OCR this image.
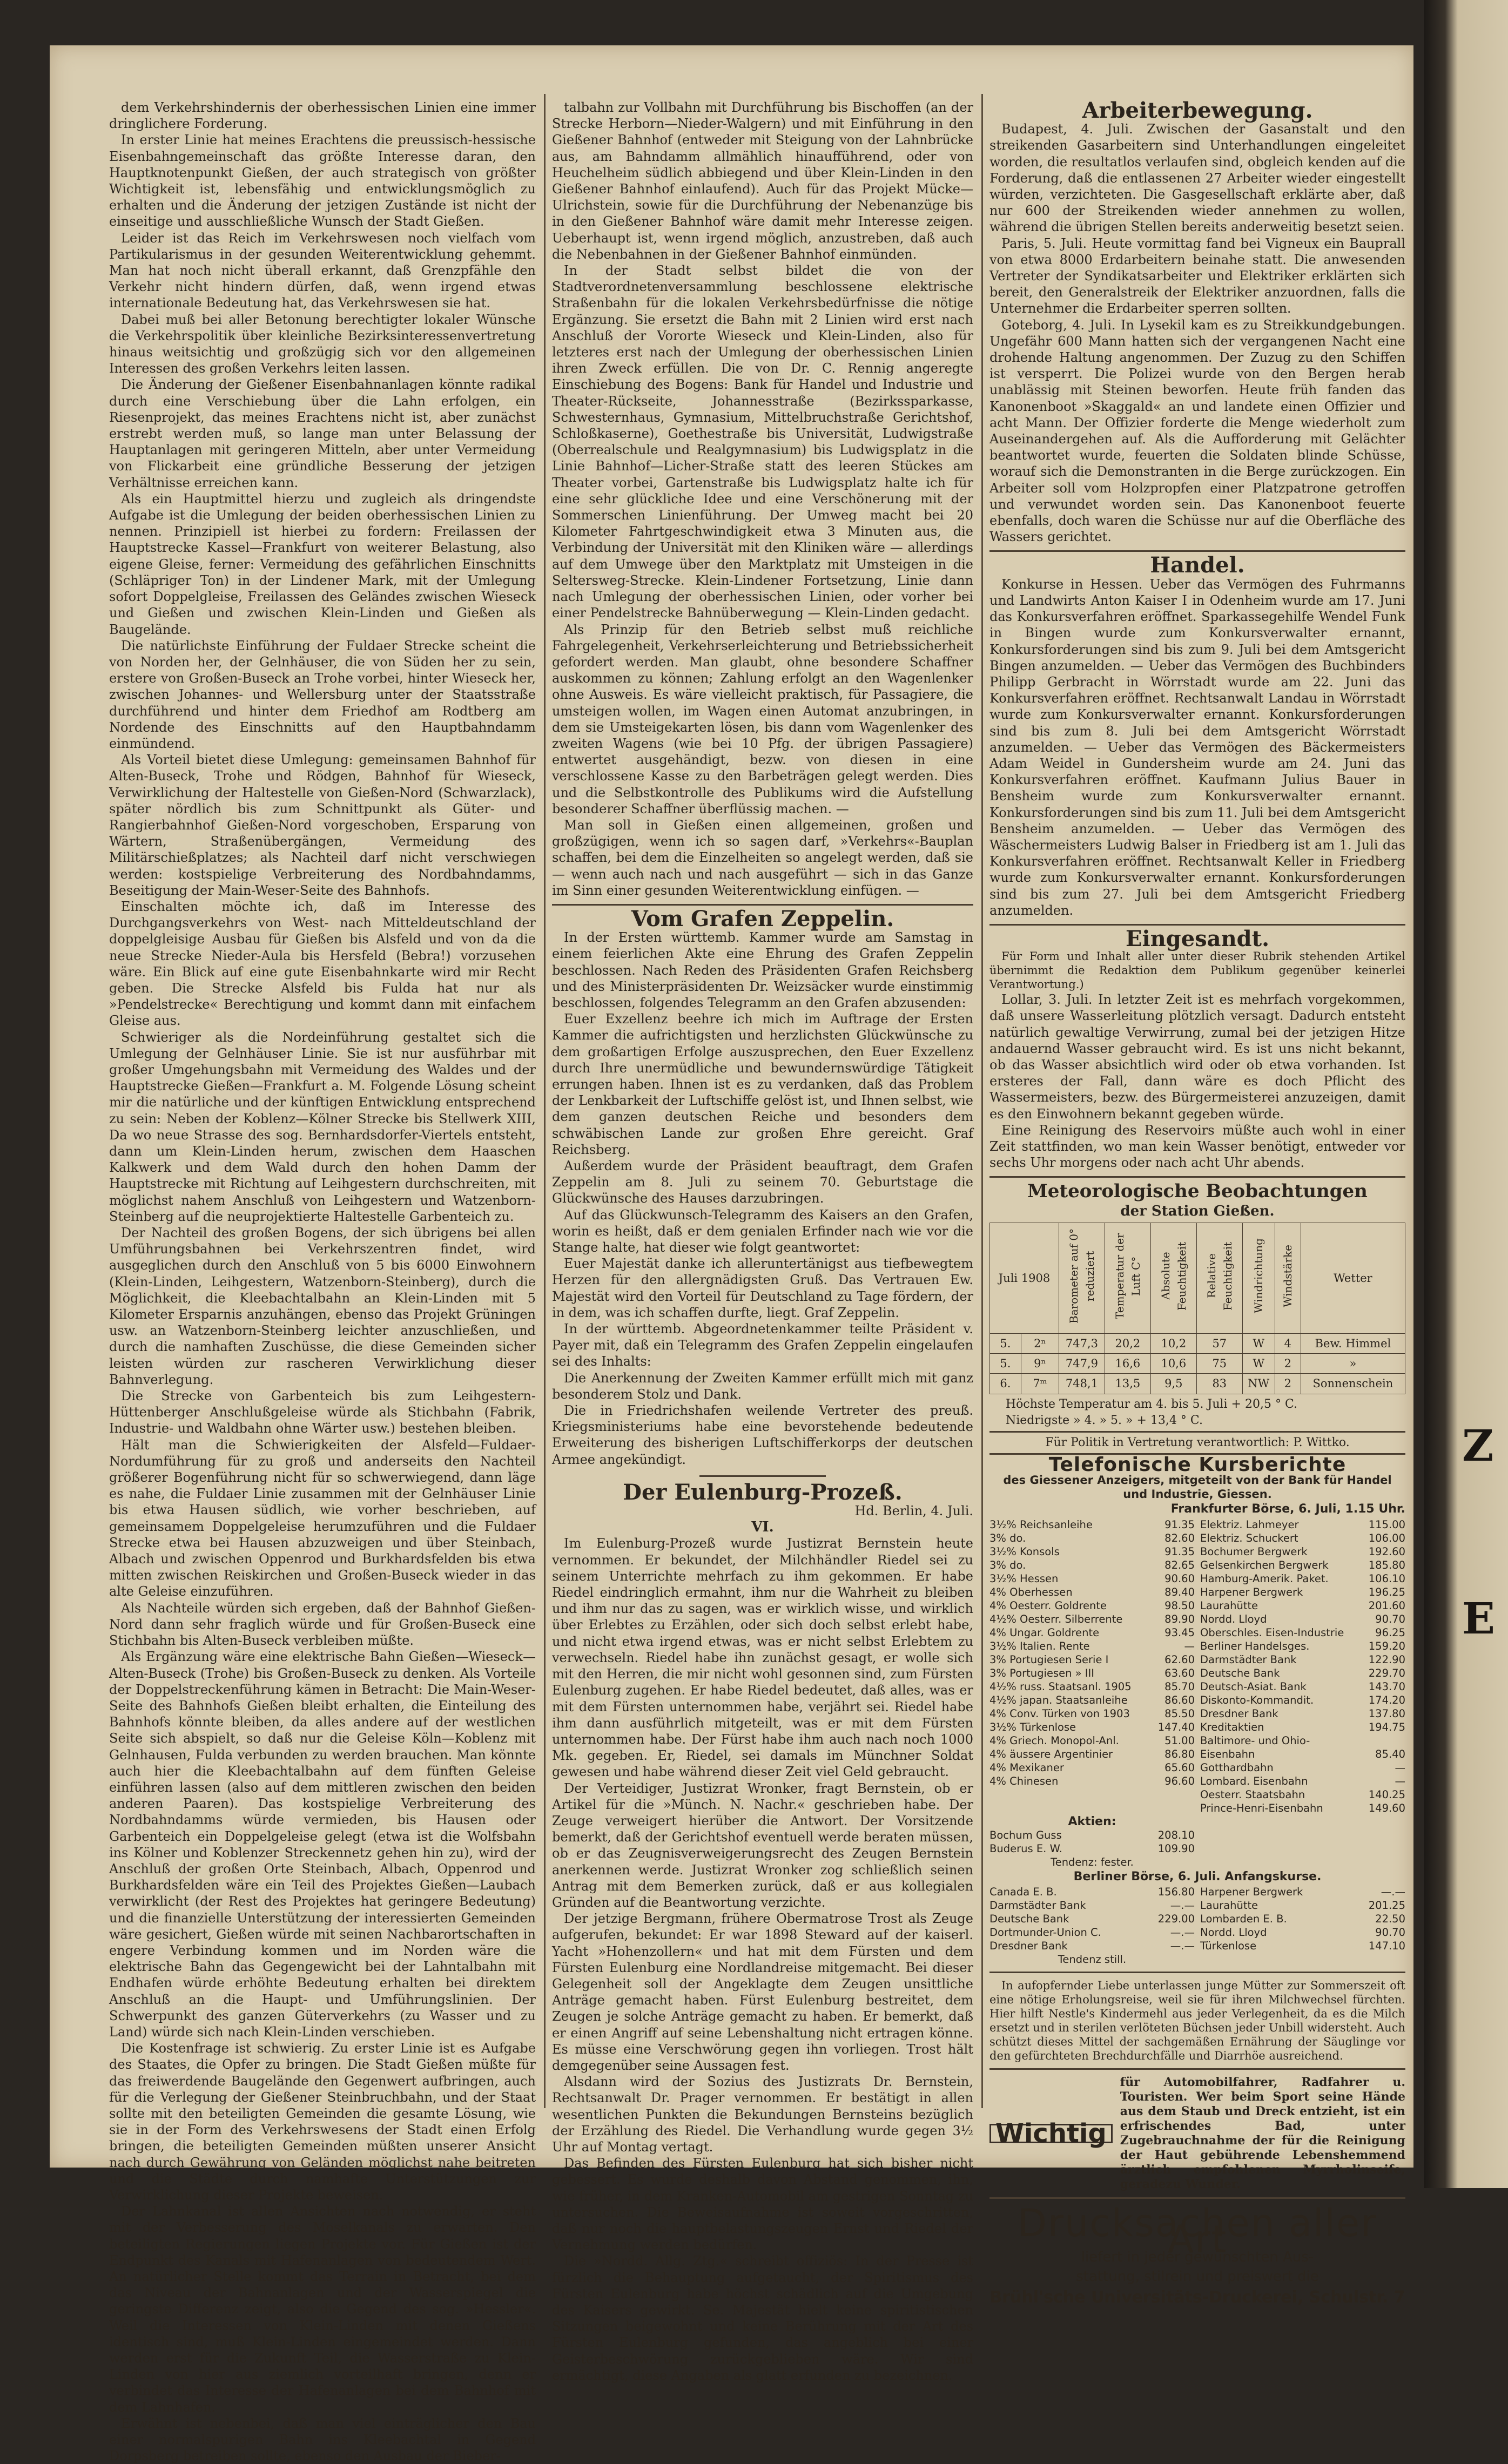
dem Verkehrshindernis der oberhessischen Linien eine immer dringlichere Forderung.

In erster Linie hat meines Erachtens die preussisch-hessische Eisenbahngemeinschaft das größte Interesse daran, den Hauptknotenpunkt Gießen, der auch strategisch von größter Wichtigkeit ist, lebensfähig und entwicklungsmöglich zu erhalten und die Änderung der jetzigen Zustände ist nicht der einseitige und ausschließliche Wunsch der Stadt Gießen.

Leider ist das Reich im Verkehrswesen noch vielfach vom Partikularismus in der gesunden Weiterentwicklung gehemmt. Man hat noch nicht überall erkannt, daß Grenzpfähle den Verkehr nicht hindern dürfen, daß, wenn irgend etwas internationale Bedeutung hat, das Verkehrswesen sie hat.

Dabei muß bei aller Betonung berechtigter lokaler Wünsche die Verkehrspolitik über kleinliche Bezirksinteressenvertretung hinaus weitsichtig und großzügig sich vor den allgemeinen Interessen des großen Verkehrs leiten lassen.

Die Änderung der Gießener Eisenbahnanlagen könnte radikal durch eine Verschiebung über die Lahn erfolgen, ein Riesenprojekt, das meines Erachtens nicht ist, aber zunächst erstrebt werden muß, so lange man unter Belassung der Hauptanlagen mit geringeren Mitteln, aber unter Vermeidung von Flickarbeit eine gründliche Besserung der jetzigen Verhältnisse erreichen kann.

Als ein Hauptmittel hierzu und zugleich als dringendste Aufgabe ist die Umlegung der beiden oberhessischen Linien zu nennen. Prinzipiell ist hierbei zu fordern: Freilassen der Hauptstrecke Kassel—Frankfurt von weiterer Belastung, also eigene Gleise, ferner: Vermeidung des gefährlichen Einschnitts (Schläpriger Ton) in der Lindener Mark, mit der Umlegung sofort Doppelgleise, Freilassen des Geländes zwischen Wieseck und Gießen und zwischen Klein-Linden und Gießen als Baugelände.

Die natürlichste Einführung der Fuldaer Strecke scheint die von Norden her, der Gelnhäuser, die von Süden her zu sein, erstere von Großen-Buseck an Trohe vorbei, hinter Wieseck her, zwischen Johannes- und Wellersburg unter der Staatsstraße durchführend und hinter dem Friedhof am Rodtberg am Nordende des Einschnitts auf den Hauptbahndamm einmündend.

Als Vorteil bietet diese Umlegung: gemeinsamen Bahnhof für Alten-Buseck, Trohe und Rödgen, Bahnhof für Wieseck, Verwirklichung der Haltestelle von Gießen-Nord (Schwarzlack), später nördlich bis zum Schnittpunkt als Güter- und Rangierbahnhof Gießen-Nord vorgeschoben, Ersparung von Wärtern, Straßenübergängen, Vermeidung des Militärschießplatzes; als Nachteil darf nicht verschwiegen werden: kostspielige Verbreiterung des Nordbahndamms, Beseitigung der Main-Weser-Seite des Bahnhofs.

Einschalten möchte ich, daß im Interesse des Durchgangsverkehrs von West- nach Mitteldeutschland der doppelgleisige Ausbau für Gießen bis Alsfeld und von da die neue Strecke Nieder-Aula bis Hersfeld (Bebra!) vorzusehen wäre. Ein Blick auf eine gute Eisenbahnkarte wird mir Recht geben. Die Strecke Alsfeld bis Fulda hat nur als »Pendelstrecke« Berechtigung und kommt dann mit einfachem Gleise aus.

Schwieriger als die Nordeinführung gestaltet sich die Umlegung der Gelnhäuser Linie. Sie ist nur ausführbar mit großer Umgehungsbahn mit Vermeidung des Waldes und der Hauptstrecke Gießen—Frankfurt a. M. Folgende Lösung scheint mir die natürliche und der künftigen Entwicklung entsprechend zu sein: Neben der Koblenz—Kölner Strecke bis Stellwerk XIII, Da wo neue Strasse des sog. Bernhardsdorfer-Viertels entsteht, dann um Klein-Linden herum, zwischen dem Haaschen Kalkwerk und dem Wald durch den hohen Damm der Hauptstrecke mit Richtung auf Leihgestern durchschreiten, mit möglichst nahem Anschluß von Leihgestern und Watzenborn-Steinberg auf die neuprojektierte Haltestelle Garbenteich zu.

Der Nachteil des großen Bogens, der sich übrigens bei allen Umführungsbahnen bei Verkehrszentren findet, wird ausgeglichen durch den Anschluß von 5 bis 6000 Einwohnern (Klein-Linden, Leihgestern, Watzenborn-Steinberg), durch die Möglichkeit, die Kleebachtalbahn an Klein-Linden mit 5 Kilometer Ersparnis anzuhängen, ebenso das Projekt Grüningen usw. an Watzenborn-Steinberg leichter anzuschließen, und durch die namhaften Zuschüsse, die diese Gemeinden sicher leisten würden zur rascheren Verwirklichung dieser Bahnverlegung.

Die Strecke von Garbenteich bis zum Leihgestern-Hüttenberger Anschlußgeleise würde als Stichbahn (Fabrik, Industrie- und Waldbahn ohne Wärter usw.) bestehen bleiben.

Hält man die Schwierigkeiten der Alsfeld—Fuldaer-Nordumführung für zu groß und anderseits den Nachteil größerer Bogenführung nicht für so schwerwiegend, dann läge es nahe, die Fuldaer Linie zusammen mit der Gelnhäuser Linie bis etwa Hausen südlich, wie vorher beschrieben, auf gemeinsamem Doppelgeleise herumzuführen und die Fuldaer Strecke etwa bei Hausen abzuzweigen und über Steinbach, Albach und zwischen Oppenrod und Burkhardsfelden bis etwa mitten zwischen Reiskirchen und Großen-Buseck wieder in das alte Geleise einzuführen.

Als Nachteile würden sich ergeben, daß der Bahnhof Gießen-Nord dann sehr fraglich würde und für Großen-Buseck eine Stichbahn bis Alten-Buseck verbleiben müßte.

Als Ergänzung wäre eine elektrische Bahn Gießen—Wieseck—Alten-Buseck (Trohe) bis Großen-Buseck zu denken. Als Vorteile der Doppelstreckenführung kämen in Betracht: Die Main-Weser-Seite des Bahnhofs Gießen bleibt erhalten, die Einteilung des Bahnhofs könnte bleiben, da alles andere auf der westlichen Seite sich abspielt, so daß nur die Geleise Köln—Koblenz mit Gelnhausen, Fulda verbunden zu werden brauchen. Man könnte auch hier die Kleebachtalbahn auf dem fünften Geleise einführen lassen (also auf dem mittleren zwischen den beiden anderen Paaren). Das kostspielige Verbreiterung des Nordbahndamms würde vermieden, bis Hausen oder Garbenteich ein Doppelgeleise gelegt (etwa ist die Wolfsbahn ins Kölner und Koblenzer Streckennetz gehen hin zu), wird der Anschluß der großen Orte Steinbach, Albach, Oppenrod und Burkhardsfelden wäre ein Teil des Projektes Gießen—Laubach verwirklicht (der Rest des Projektes hat geringere Bedeutung) und die finanzielle Unterstützung der interessierten Gemeinden wäre gesichert, Gießen würde mit seinen Nachbarortschaften in engere Verbindung kommen und im Norden wäre die elektrische Bahn das Gegengewicht bei der Lahntalbahn mit Endhafen würde erhöhte Bedeutung erhalten bei direktem Anschluß an die Haupt- und Umführungslinien. Der Schwerpunkt des ganzen Güterverkehrs (zu Wasser und zu Land) würde sich nach Klein-Linden verschieben.

Die Kostenfrage ist schwierig. Zu erster Linie ist es Aufgabe des Staates, die Opfer zu bringen. Die Stadt Gießen müßte für das freiwerdende Baugelände den Gegenwert aufbringen, auch für die Verlegung der Gießener Steinbruchbahn, und der Staat sollte mit den beteiligten Gemeinden die gesamte Lösung, wie sie in der Form des Verkehrswesens der Stadt einen Erfolg bringen, die beteiligten Gemeinden müßten unserer Ansicht nach durch Gewährung von Geländen möglichst nahe beitreten und die Städte durch namhafte Unterstützungen zur Verwirklichung dieser Projekte beweisen.

Der Lahnkanal ist allen Ansichten nach notwendig, er steht mit der Verbesserung des Moselkanals zu erwarten. Den beteiligten Regierungen liegen Projekte vor. Für Gießen ist der Endpunkt des Kanals mit Hafenanlagen von bedeutendem Wert. An natürlicher Stelle kommt das Terrain in Betracht, bei dem das Niveau der Bahnanlagen und der Wasserspiegel die geringste Differenz zeigt, also die Gegend des sog. »Hessler«. Weil die Interessen von Klein-Linden mit denen Gießens identisch sind, muß Klein-Linden eingemeindet werden. Dann werden erst für die Zukunft Teil, die Wasserstraße zu Klein-Linden von hier aus ziemlich vorteilhaft bringen, denn er verbindet das Interesse der Hafenanlagen bei dem Bahnhof mit dem Lahnhafen.

Erwähnt ist nebenbei, daß man viel einträglicher den Bau einer normalspurigen Bahn ins Kleebachtal in Gegend Dorpsberg betreiben sollte, ebenso den Ausbau der Bieber-

talbahn zur Vollbahn mit Durchführung bis Bischoffen (an der Strecke Herborn—Nieder-Walgern) und mit Einführung in den Gießener Bahnhof (entweder mit Steigung von der Lahnbrücke aus, am Bahndamm allmählich hinaufführend, oder von Heuchelheim südlich abbiegend und über Klein-Linden in den Gießener Bahnhof einlaufend). Auch für das Projekt Mücke—Ulrichstein, sowie für die Durchführung der Nebenanzüge bis in den Gießener Bahnhof wäre damit mehr Interesse zeigen. Ueberhaupt ist, wenn irgend möglich, anzustreben, daß auch die Nebenbahnen in der Gießener Bahnhof einmünden.

In der Stadt selbst bildet die von der Stadtverordnetenversammlung beschlossene elektrische Straßenbahn für die lokalen Verkehrsbedürfnisse die nötige Ergänzung. Sie ersetzt die Bahn mit 2 Linien wird erst nach Anschluß der Vororte Wieseck und Klein-Linden, also für letzteres erst nach der Umlegung der oberhessischen Linien ihren Zweck erfüllen. Die von Dr. C. Rennig angeregte Einschiebung des Bogens: Bank für Handel und Industrie und Theater-Rückseite, Johannesstraße (Bezirkssparkasse, Schwesternhaus, Gymnasium, Mittelbruchstraße Gerichtshof, Schloßkaserne), Goethestraße bis Universität, Ludwigstraße (Oberrealschule und Realgymnasium) bis Ludwigsplatz in die Linie Bahnhof—Licher-Straße statt des leeren Stückes am Theater vorbei, Gartenstraße bis Ludwigsplatz halte ich für eine sehr glückliche Idee und eine Verschönerung mit der Sommerschen Linienführung. Der Umweg macht bei 20 Kilometer Fahrtgeschwindigkeit etwa 3 Minuten aus, die Verbindung der Universität mit den Kliniken wäre — allerdings auf dem Umwege über den Marktplatz mit Umsteigen in die Seltersweg-Strecke. Klein-Lindener Fortsetzung, Linie dann nach Umlegung der oberhessischen Linien, oder vorher bei einer Pendelstrecke Bahnüberwegung — Klein-Linden gedacht.

Als Prinzip für den Betrieb selbst muß reichliche Fahrgelegenheit, Verkehrserleichterung und Betriebssicherheit gefordert werden. Man glaubt, ohne besondere Schaffner auskommen zu können; Zahlung erfolgt an den Wagenlenker ohne Ausweis. Es wäre vielleicht praktisch, für Passagiere, die umsteigen wollen, im Wagen einen Automat anzubringen, in dem sie Umsteigekarten lösen, bis dann vom Wagenlenker des zweiten Wagens (wie bei 10 Pfg. der übrigen Passagiere) entwertet ausgehändigt, bezw. von diesen in eine verschlossene Kasse zu den Barbeträgen gelegt werden. Dies und die Selbstkontrolle des Publikums wird die Aufstellung besonderer Schaffner überflüssig machen. —

Man soll in Gießen einen allgemeinen, großen und großzügigen, wenn ich so sagen darf, »Verkehrs«-Bauplan schaffen, bei dem die Einzelheiten so angelegt werden, daß sie — wenn auch nach und nach ausgeführt — sich in das Ganze im Sinn einer gesunden Weiterentwicklung einfügen. —

Vom Grafen Zeppelin.

In der Ersten württemb. Kammer wurde am Samstag in einem feierlichen Akte eine Ehrung des Grafen Zeppelin beschlossen. Nach Reden des Präsidenten Grafen Reichsberg und des Ministerpräsidenten Dr. Weizsäcker wurde einstimmig beschlossen, folgendes Telegramm an den Grafen abzusenden:

Euer Exzellenz beehre ich mich im Auftrage der Ersten Kammer die aufrichtigsten und herzlichsten Glückwünsche zu dem großartigen Erfolge auszusprechen, den Euer Exzellenz durch Ihre unermüdliche und bewundernswürdige Tätigkeit errungen haben. Ihnen ist es zu verdanken, daß das Problem der Lenkbarkeit der Luftschiffe gelöst ist, und Ihnen selbst, wie dem ganzen deutschen Reiche und besonders dem schwäbischen Lande zur großen Ehre gereicht. Graf Reichsberg.

Außerdem wurde der Präsident beauftragt, dem Grafen Zeppelin am 8. Juli zu seinem 70. Geburtstage die Glückwünsche des Hauses darzubringen.

Auf das Glückwunsch-Telegramm des Kaisers an den Grafen, worin es heißt, daß er dem genialen Erfinder nach wie vor die Stange halte, hat dieser wie folgt geantwortet:

Euer Majestät danke ich alleruntertänigst aus tiefbewegtem Herzen für den allergnädigsten Gruß. Das Vertrauen Ew. Majestät wird den Vorteil für Deutschland zu Tage fördern, der in dem, was ich schaffen durfte, liegt. Graf Zeppelin.

In der württemb. Abgeordnetenkammer teilte Präsident v. Payer mit, daß ein Telegramm des Grafen Zeppelin eingelaufen sei des Inhalts:

Die Anerkennung der Zweiten Kammer erfüllt mich mit ganz besonderem Stolz und Dank.

Die in Friedrichshafen weilende Vertreter des preuß. Kriegsministeriums habe eine bevorstehende bedeutende Erweiterung des bisherigen Luftschifferkorps der deutschen Armee angekündigt.

Der Eulenburg-Prozeß.
Hd. Berlin, 4. Juli.
VI.

Im Eulenburg-Prozeß wurde Justizrat Bernstein heute vernommen. Er bekundet, der Milchhändler Riedel sei zu seinem Unterrichte mehrfach zu ihm gekommen. Er habe Riedel eindringlich ermahnt, ihm nur die Wahrheit zu bleiben und ihm nur das zu sagen, was er wirklich wisse, und wirklich über Erlebtes zu Erzählen, oder sich doch selbst erlebt habe, und nicht etwa irgend etwas, was er nicht selbst Erlebtem zu verwechseln. Riedel habe ihn zunächst gesagt, er wolle sich mit den Herren, die mir nicht wohl gesonnen sind, zum Fürsten Eulenburg zugehen. Er habe Riedel bedeutet, daß alles, was er mit dem Fürsten unternommen habe, verjährt sei. Riedel habe ihm dann ausführlich mitgeteilt, was er mit dem Fürsten unternommen habe. Der Fürst habe ihm auch nach noch 1000 Mk. gegeben. Er, Riedel, sei damals im Münchner Soldat gewesen und habe während dieser Zeit viel Geld gebraucht.

Der Verteidiger, Justizrat Wronker, fragt Bernstein, ob er Artikel für die »Münch. N. Nachr.« geschrieben habe. Der Zeuge verweigert hierüber die Antwort. Der Vorsitzende bemerkt, daß der Gerichtshof eventuell werde beraten müssen, ob er das Zeugnisverweigerungsrecht des Zeugen Bernstein anerkennen werde. Justizrat Wronker zog schließlich seinen Antrag mit dem Bemerken zurück, daß er aus kollegialen Gründen auf die Beantwortung verzichte.

Der jetzige Bergmann, frühere Obermatrose Trost als Zeuge aufgerufen, bekundet: Er war 1898 Steward auf der kaiserl. Yacht »Hohenzollern« und hat mit dem Fürsten und dem Fürsten Eulenburg eine Nordlandreise mitgemacht. Bei dieser Gelegenheit soll der Angeklagte dem Zeugen unsittliche Anträge gemacht haben. Fürst Eulenburg bestreitet, dem Zeugen je solche Anträge gemacht zu haben. Er bemerkt, daß er einen Angriff auf seine Lebenshaltung nicht ertragen könne. Es müsse eine Verschwörung gegen ihn vorliegen. Trost hält demgegenüber seine Aussagen fest.

Alsdann wird der Sozius des Justizrats Dr. Bernstein, Rechtsanwalt Dr. Prager vernommen. Er bestätigt in allen wesentlichen Punkten die Bekundungen Bernsteins bezüglich der Erzählung des Riedel. Die Verhandlung wurde gegen 3½ Uhr auf Montag vertagt.

Das Befinden des Fürsten Eulenburg hat sich bisher nicht gebessert. Es wurde deshalb davon Abstand genommen, ihn, wie früher, in dem Kranken-Automobil am gestrigen Sonntag zu untersuchen. Die Beweisaufnahme ist soweit vorgeschritten, daß nur noch die hauptbelastungszeugen Ernst und Riedel der Vernehmung werden bedürfen.

Die »Nordd. Allg. Ztg.« schreibt offiziös: In der Presse ist fürzlich die Behauptung aufgetaucht, der Spiritismus des Fürsten Eulenburg habe höchst schädlich auf die Umgebung des Kaisers gewirkt. Se. Majestät hielt keine spiritistischen Sitzungen beigewohnt und keine Berührung mit der Art des Fürsten Eulenburg gefunden, das angeblich bei einer Geisterbeschwörung zurückgeblieben wäre. Wir sind ermächtigt, diese Angaben als glatt erfunden zu bezeichnen.

Arbeiterbewegung.

Budapest, 4. Juli. Zwischen der Gasanstalt und den streikenden Gasarbeitern sind Unterhandlungen eingeleitet worden, die resultatlos verlaufen sind, obgleich kenden auf die Forderung, daß die entlassenen 27 Arbeiter wieder eingestellt würden, verzichteten. Die Gasgesellschaft erklärte aber, daß nur 600 der Streikenden wieder annehmen zu wollen, während die übrigen Stellen bereits anderweitig besetzt seien.

Paris, 5. Juli. Heute vormittag fand bei Vigneux ein Bauprall von etwa 8000 Erdarbeitern beinahe statt. Die anwesenden Vertreter der Syndikatsarbeiter und Elektriker erklärten sich bereit, den Generalstreik der Elektriker anzuordnen, falls die Unternehmer die Erdarbeiter sperren sollten.

Goteborg, 4. Juli. In Lysekil kam es zu Streikkundgebungen. Ungefähr 600 Mann hatten sich der vergangenen Nacht eine drohende Haltung angenommen. Der Zuzug zu den Schiffen ist versperrt. Die Polizei wurde von den Bergen herab unablässig mit Steinen beworfen. Heute früh fanden das Kanonenboot »Skaggald« an und landete einen Offizier und acht Mann. Der Offizier forderte die Menge wiederholt zum Auseinandergehen auf. Als die Aufforderung mit Gelächter beantwortet wurde, feuerten die Soldaten blinde Schüsse, worauf sich die Demonstranten in die Berge zurückzogen. Ein Arbeiter soll vom Holzpropfen einer Platzpatrone getroffen und verwundet worden sein. Das Kanonenboot feuerte ebenfalls, doch waren die Schüsse nur auf die Oberfläche des Wassers gerichtet.

Handel.

Konkurse in Hessen. Ueber das Vermögen des Fuhrmanns und Landwirts Anton Kaiser I in Odenheim wurde am 17. Juni das Konkursverfahren eröffnet. Sparkassegehilfe Wendel Funk in Bingen wurde zum Konkursverwalter ernannt, Konkursforderungen sind bis zum 9. Juli bei dem Amtsgericht Bingen anzumelden. — Ueber das Vermögen des Buchbinders Philipp Gerbracht in Wörrstadt wurde am 22. Juni das Konkursverfahren eröffnet. Rechtsanwalt Landau in Wörrstadt wurde zum Konkursverwalter ernannt. Konkursforderungen sind bis zum 8. Juli bei dem Amtsgericht Wörrstadt anzumelden. — Ueber das Vermögen des Bäckermeisters Adam Weidel in Gundersheim wurde am 24. Juni das Konkursverfahren eröffnet. Kaufmann Julius Bauer in Bensheim wurde zum Konkursverwalter ernannt. Konkursforderungen sind bis zum 11. Juli bei dem Amtsgericht Bensheim anzumelden. — Ueber das Vermögen des Wäschermeisters Ludwig Balser in Friedberg ist am 1. Juli das Konkursverfahren eröffnet. Rechtsanwalt Keller in Friedberg wurde zum Konkursverwalter ernannt. Konkursforderungen sind bis zum 27. Juli bei dem Amtsgericht Friedberg anzumelden.

Eingesandt.

Für Form und Inhalt aller unter dieser Rubrik stehenden Artikel übernimmt die Redaktion dem Publikum gegenüber keinerlei Verantwortung.)

Lollar, 3. Juli. In letzter Zeit ist es mehrfach vorgekommen, daß unsere Wasserleitung plötzlich versagt. Dadurch entsteht natürlich gewaltige Verwirrung, zumal bei der jetzigen Hitze andauernd Wasser gebraucht wird. Es ist uns nicht bekannt, ob das Wasser absichtlich wird oder ob etwa vorhanden. Ist ersteres der Fall, dann wäre es doch Pflicht des Wassermeisters, bezw. des Bürgermeisterei anzuzeigen, damit es den Einwohnern bekannt gegeben würde.

Eine Reinigung des Reservoirs müßte auch wohl in einer Zeit stattfinden, wo man kein Wasser benötigt, entweder vor sechs Uhr morgens oder nach acht Uhr abends.

Meteorologische Beobachtungen
der Station Gießen.
Juli 1908		Barometer auf 0° reduziert	Temperatur der Luft C°	Absolute Feuchtigkeit	Relative Feuchtigkeit	Windrichtung	Windstärke	Wetter
5.	2ⁿ	747,3	20,2	10,2	57	W	4	Bew. Himmel
5.	9ⁿ	747,9	16,6	10,6	75	W	2	»
6.	7ᵐ	748,1	13,5	9,5	83	NW	2	Sonnenschein

Höchste Temperatur am 4. bis 5. Juli + 20,5 ° C.

Niedrigste » 4. » 5. » + 13,4 ° C.

Für Politik in Vertretung verantwortlich: P. Wittko.

Telefonische Kursberichte
des Giessener Anzeigers, mitgeteilt von der Bank für Handel
und Industrie, Giessen.
Frankfurter Börse, 6. Juli, 1.15 Uhr.
3½% Reichsanleihe	91.35
3% do.	82.60
3½% Konsols	91.35
3% do.	82.65
3½% Hessen	90.60
4% Oberhessen	89.40
4% Oesterr. Goldrente	98.50
4½% Oesterr. Silberrente	89.90
4% Ungar. Goldrente	93.45
3½% Italien. Rente	—
3% Portugiesen Serie I	62.60
3% Portugiesen » III	63.60
4½% russ. Staatsanl. 1905	85.70
4½% japan. Staatsanleihe	86.60
4% Conv. Türken von 1903	85.50
3½% Türkenlose	147.40
4% Griech. Monopol-Anl.	51.00
4% äussere Argentinier	86.80
4% Mexikaner	65.60
4% Chinesen	96.60
Elektriz. Lahmeyer	115.00
Elektriz. Schuckert	106.00
Bochumer Bergwerk	192.60
Gelsenkirchen Bergwerk	185.80
Hamburg-Amerik. Paket.	106.10
Harpener Bergwerk	196.25
Laurahütte	201.60
Nordd. Lloyd	90.70
Oberschles. Eisen-Industrie	96.25
Berliner Handelsges.	159.20
Darmstädter Bank	122.90
Deutsche Bank	229.70
Deutsch-Asiat. Bank	143.70
Diskonto-Kommandit.	174.20
Dresdner Bank	137.80
Kreditaktien	194.75
Baltimore- und Ohio-
Eisenbahn	85.40
Gotthardbahn	—
Lombard. Eisenbahn	—
Oesterr. Staatsbahn	140.25
Prince-Henri-Eisenbahn	149.60
Aktien:
Bochum Guss	208.10
Buderus E. W.	109.90
Tendenz: fester.
Berliner Börse, 6. Juli. Anfangskurse.
Canada E. B.	156.80
Darmstädter Bank	—.—
Deutsche Bank	229.00
Dortmunder-Union C.	—.—
Dresdner Bank	—.—
Harpener Bergwerk	—.—
Laurahütte	201.25
Lombarden E. B.	22.50
Nordd. Lloyd	90.70
Türkenlose	147.10
Tendenz still.

In aufopfernder Liebe unterlassen junge Mütter zur Sommerszeit oft eine nötige Erholungsreise, weil sie für ihren Milchwechsel fürchten. Hier hilft Nestle's Kindermehl aus jeder Verlegenheit, da es die Milch ersetzt und in sterilen verlöteten Büchsen jeder Unbill widersteht. Auch schützt dieses Mittel der sachgemäßen Ernährung der Säuglinge vor den gefürchteten Brechdurchfälle und Diarrhöe ausreichend.

Wichtig
für Automobilfahrer, Radfahrer u. Touristen. Wer beim Sport seine Hände aus dem Staub und Dreck entzieht, ist ein erfrischendes Bad, unter Zugebrauchnahme der für die Reinigung der Haut gebührende Lebenshemmend ärztlich empfohlenen Myrrholinseife, geradezu Wunder.
Drucksachen aller Art
liefert in jeder gewünschten Aus-
stattung, stilrein und preiswert die
Brühl'sche Universitäts-Druckerei, Schulstr. 7
Z
E
